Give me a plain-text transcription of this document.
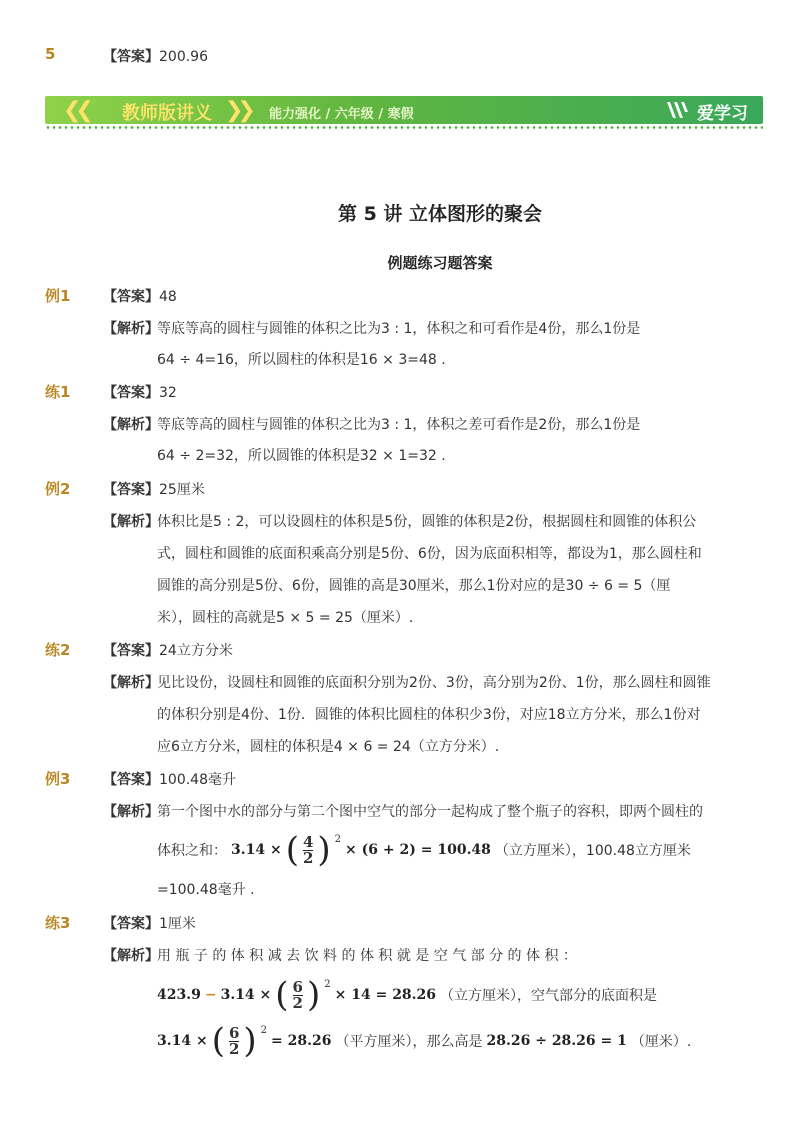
5	【答案】200.96
❮❮ 教师版讲义 ❯❯ 能力强化 / 六年级 / 寒假	爱学习
第 5 讲 立体图形的聚会
例题练习题答案
例1 【答案】48
【解析】
等底等高的圆柱与圆锥的体积之比为3 : 1，体积之和可看作是4份，那么1份是
64 ÷ 4=16，所以圆柱的体积是16 × 3=48 .
练1 【答案】32
【解析】
等底等高的圆柱与圆锥的体积之比为3 : 1，体积之差可看作是2份，那么1份是
64 ÷ 2=32，所以圆锥的体积是32 × 1=32 .
例2 【答案】25厘米
【解析】
体积比是5 : 2，可以设圆柱的体积是5份，圆锥的体积是2份，根据圆柱和圆锥的体积公
式，圆柱和圆锥的底面积乘高分别是5份、6份，因为底面积相等，都设为1，那么圆柱和
圆锥的高分别是5份、6份，圆锥的高是30厘米，那么1份对应的是30 ÷ 6 = 5（厘
米），圆柱的高就是5 × 5 = 25（厘米）.
练2 【答案】24立方分米
【解析】
见比设份，设圆柱和圆锥的底面积分别为2份、3份，高分别为2份、1份，那么圆柱和圆锥
的体积分别是4份、1份．圆锥的体积比圆柱的体积少3份，对应18立方分米，那么1份对
应6立方分米，圆柱的体积是4 × 6 = 24（立方分米）.
例3 【答案】100.48毫升
【解析】
第一个图中水的部分与第二个图中空气的部分一起构成了整个瓶子的容积，即两个圆柱的
体积之和： 3.14 × ( $\frac{4}{2}$ ) $^2$
× (6 + 2) = 100.48 （立方厘米），100.48立方厘米
=100.48毫升 .
练3 【答案】1厘米
【解析】
用 瓶 子 的 体 积 减 去 饮 料 的 体 积 就 是 空 气 部 分 的 体 积 ：
423.9 − 3.14 × ( $\frac{6}{2}$ ) $^2$
× 14 = 28.26 （立方厘米），空气部分的底面积是
3.14 × ( $\frac{6}{2}$ ) $^2$
= 28.26 （平方厘米），那么高是 28.26 ÷ 28.26 = 1 （厘米）.
